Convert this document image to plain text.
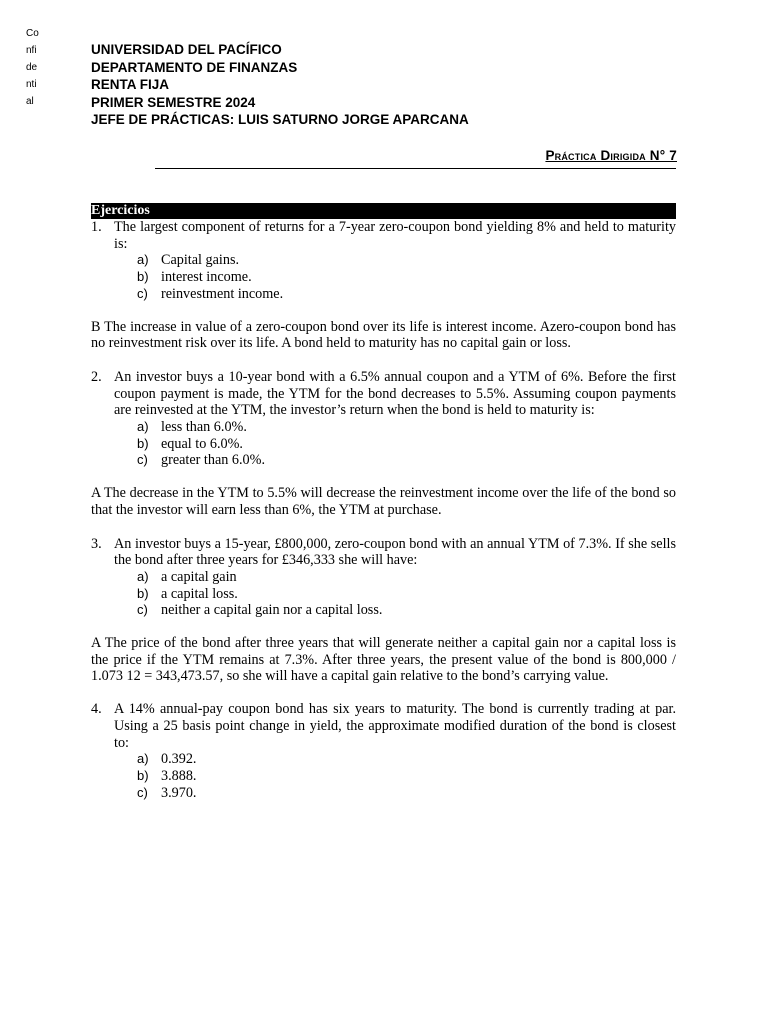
Co
nfi
de
nti
al
UNIVERSIDAD DEL PACÍFICO
DEPARTAMENTO DE FINANZAS
RENTA FIJA
PRIMER SEMESTRE 2024
JEFE DE PRÁCTICAS: LUIS SATURNO JORGE APARCANA
Práctica Dirigida N° 7
Ejercicios
1. The largest component of returns for a 7-year zero-coupon bond yielding 8% and held to maturity is:
a) Capital gains.
b) interest income.
c) reinvestment income.
B The increase in value of a zero-coupon bond over its life is interest income. Azero-coupon bond has no reinvestment risk over its life. A bond held to maturity has no capital gain or loss.
2. An investor buys a 10-year bond with a 6.5% annual coupon and a YTM of 6%. Before the first coupon payment is made, the YTM for the bond decreases to 5.5%. Assuming coupon payments are reinvested at the YTM, the investor’s return when the bond is held to maturity is:
a) less than 6.0%.
b) equal to 6.0%.
c) greater than 6.0%.
A The decrease in the YTM to 5.5% will decrease the reinvestment income over the life of the bond so that the investor will earn less than 6%, the YTM at purchase.
3. An investor buys a 15-year, £800,000, zero-coupon bond with an annual YTM of 7.3%. If she sells the bond after three years for £346,333 she will have:
a) a capital gain
b) a capital loss.
c) neither a capital gain nor a capital loss.
A The price of the bond after three years that will generate neither a capital gain nor a capital loss is the price if the YTM remains at 7.3%. After three years, the present value of the bond is 800,000 / 1.073 12 = 343,473.57, so she will have a capital gain relative to the bond’s carrying value.
4. A 14% annual-pay coupon bond has six years to maturity. The bond is currently trading at par. Using a 25 basis point change in yield, the approximate modified duration of the bond is closest to:
a) 0.392.
b) 3.888.
c) 3.970.
